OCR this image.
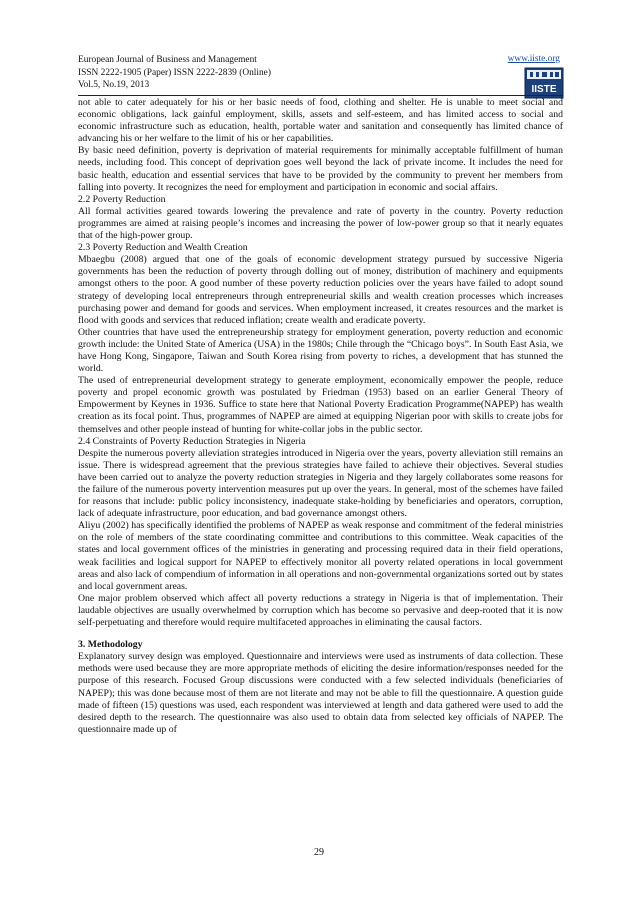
European Journal of Business and Management
ISSN 2222-1905 (Paper) ISSN 2222-2839 (Online)
Vol.5, No.19, 2013
www.iiste.org
IISTE

not able to cater adequately for his or her basic needs of food, clothing and shelter. He is unable to meet social and economic obligations, lack gainful employment, skills, assets and self-esteem, and has limited access to social and economic infrastructure such as education, health, portable water and sanitation and consequently has limited chance of advancing his or her welfare to the limit of his or her capabilities.

By basic need definition, poverty is deprivation of material requirements for minimally acceptable fulfillment of human needs, including food. This concept of deprivation goes well beyond the lack of private income. It includes the need for basic health, education and essential services that have to be provided by the community to prevent her members from falling into poverty. It recognizes the need for employment and participation in economic and social affairs.

2.2 Poverty Reduction

All formal activities geared towards lowering the prevalence and rate of poverty in the country. Poverty reduction programmes are aimed at raising people’s incomes and increasing the power of low-power group so that it nearly equates that of the high-power group.

2.3 Poverty Reduction and Wealth Creation

Mbaegbu (2008) argued that one of the goals of economic development strategy pursued by successive Nigeria governments has been the reduction of poverty through dolling out of money, distribution of machinery and equipments amongst others to the poor. A good number of these poverty reduction policies over the years have failed to adopt sound strategy of developing local entrepreneurs through entrepreneurial skills and wealth creation processes which increases purchasing power and demand for goods and services. When employment increased, it creates resources and the market is flood with goods and services that reduced inflation; create wealth and eradicate poverty.

Other countries that have used the entrepreneurship strategy for employment generation, poverty reduction and economic growth include: the United State of America (USA) in the 1980s; Chile through the “Chicago boys”. In South East Asia, we have Hong Kong, Singapore, Taiwan and South Korea rising from poverty to riches, a development that has stunned the world.

The used of entrepreneurial development strategy to generate employment, economically empower the people, reduce poverty and propel economic growth was postulated by Friedman (1953) based on an earlier General Theory of Empowerment by Keynes in 1936. Suffice to state here that National Poverty Eradication Programme(NAPEP) has wealth creation as its focal point. Thus, programmes of NAPEP are aimed at equipping Nigerian poor with skills to create jobs for themselves and other people instead of hunting for white-collar jobs in the public sector.

2.4 Constraints of Poverty Reduction Strategies in Nigeria

Despite the numerous poverty alleviation strategies introduced in Nigeria over the years, poverty alleviation still remains an issue. There is widespread agreement that the previous strategies have failed to achieve their objectives. Several studies have been carried out to analyze the poverty reduction strategies in Nigeria and they largely collaborates some reasons for the failure of the numerous poverty intervention measures put up over the years. In general, most of the schemes have failed for reasons that include: public policy inconsistency, inadequate stake-holding by beneficiaries and operators, corruption, lack of adequate infrastructure, poor education, and bad governance amongst others.

Aliyu (2002) has specifically identified the problems of NAPEP as weak response and commitment of the federal ministries on the role of members of the state coordinating committee and contributions to this committee. Weak capacities of the states and local government offices of the ministries in generating and processing required data in their field operations, weak facilities and logical support for NAPEP to effectively monitor all poverty related operations in local government areas and also lack of compendium of information in all operations and non-governmental organizations sorted out by states and local government areas.

One major problem observed which affect all poverty reductions a strategy in Nigeria is that of implementation. Their laudable objectives are usually overwhelmed by corruption which has become so pervasive and deep-rooted that it is now self-perpetuating and therefore would require multifaceted approaches in eliminating the causal factors.

3. Methodology

Explanatory survey design was employed. Questionnaire and interviews were used as instruments of data collection. These methods were used because they are more appropriate methods of eliciting the desire information/responses needed for the purpose of this research. Focused Group discussions were conducted with a few selected individuals (beneficiaries of NAPEP); this was done because most of them are not literate and may not be able to fill the questionnaire. A question guide made of fifteen (15) questions was used, each respondent was interviewed at length and data gathered were used to add the desired depth to the research. The questionnaire was also used to obtain data from selected key officials of NAPEP. The questionnaire made up of

29
